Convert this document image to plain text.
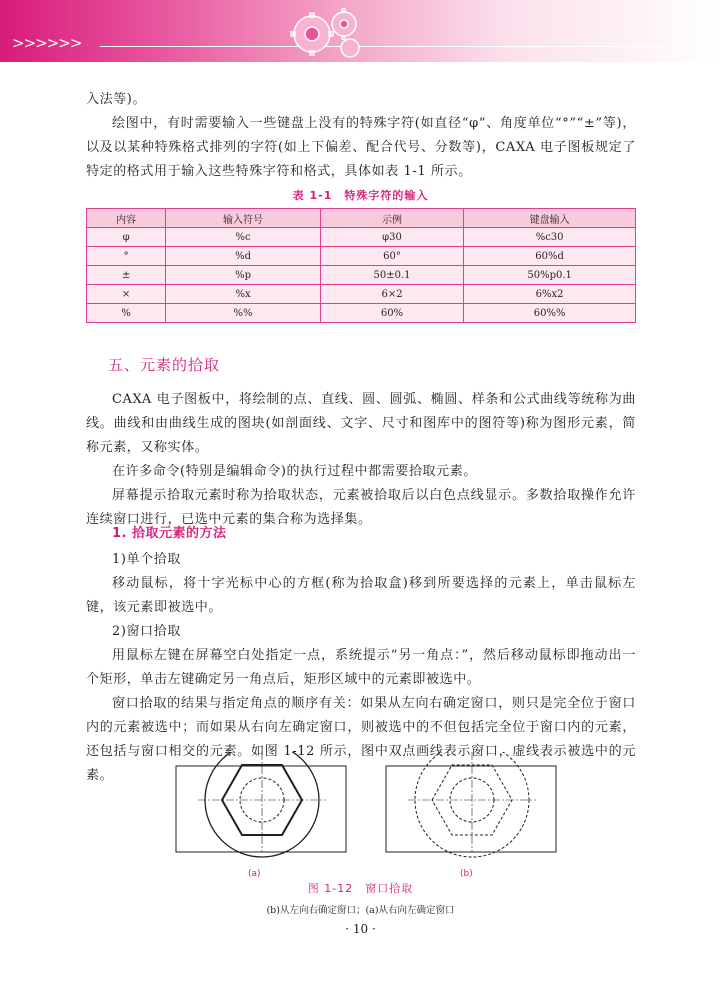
>>>>>>
入法等)。
绘图中，有时需要输入一些键盘上没有的特殊字符(如直径“φ”、角度单位“°”“±”等)，以及以某种特殊格式排列的字符(如上下偏差、配合代号、分数等)，CAXA 电子图板规定了特定的格式用于输入这些特殊字符和格式，具体如表 1-1 所示。
表 1-1　特殊字符的输入
内容	输入符号	示例	键盘输入
φ	%c	φ30	%c30
°	%d	60°	60%d
±	%p	50±0.1	50%p0.1
×	%x	6×2	6%x2
%	%%	60%	60%%
五、元素的拾取
CAXA 电子图板中，将绘制的点、直线、圆、圆弧、椭圆、样条和公式曲线等统称为曲线。曲线和由曲线生成的图块(如剖面线、文字、尺寸和图库中的图符等)称为图形元素，简称元素，又称实体。
在许多命令(特别是编辑命令)的执行过程中都需要拾取元素。
屏幕提示拾取元素时称为拾取状态，元素被拾取后以白色点线显示。多数拾取操作允许连续窗口进行，已选中元素的集合称为选择集。
1. 拾取元素的方法
1)单个拾取
移动鼠标，将十字光标中心的方框(称为拾取盒)移到所要选择的元素上，单击鼠标左键，该元素即被选中。
2)窗口拾取
用鼠标左键在屏幕空白处指定一点，系统提示“另一角点：”，然后移动鼠标即拖动出一个矩形，单击左键确定另一角点后，矩形区域中的元素即被选中。
窗口拾取的结果与指定角点的顺序有关：如果从左向右确定窗口，则只是完全位于窗口内的元素被选中；而如果从右向左确定窗口，则被选中的不但包括完全位于窗口内的元素，还包括与窗口相交的元素。如图 1-12 所示，图中双点画线表示窗口，虚线表示被选中的元素。
(a)	(b)
图 1-12　窗口拾取
(b)从左向右确定窗口；(a)从右向左确定窗口
· 10 ·
